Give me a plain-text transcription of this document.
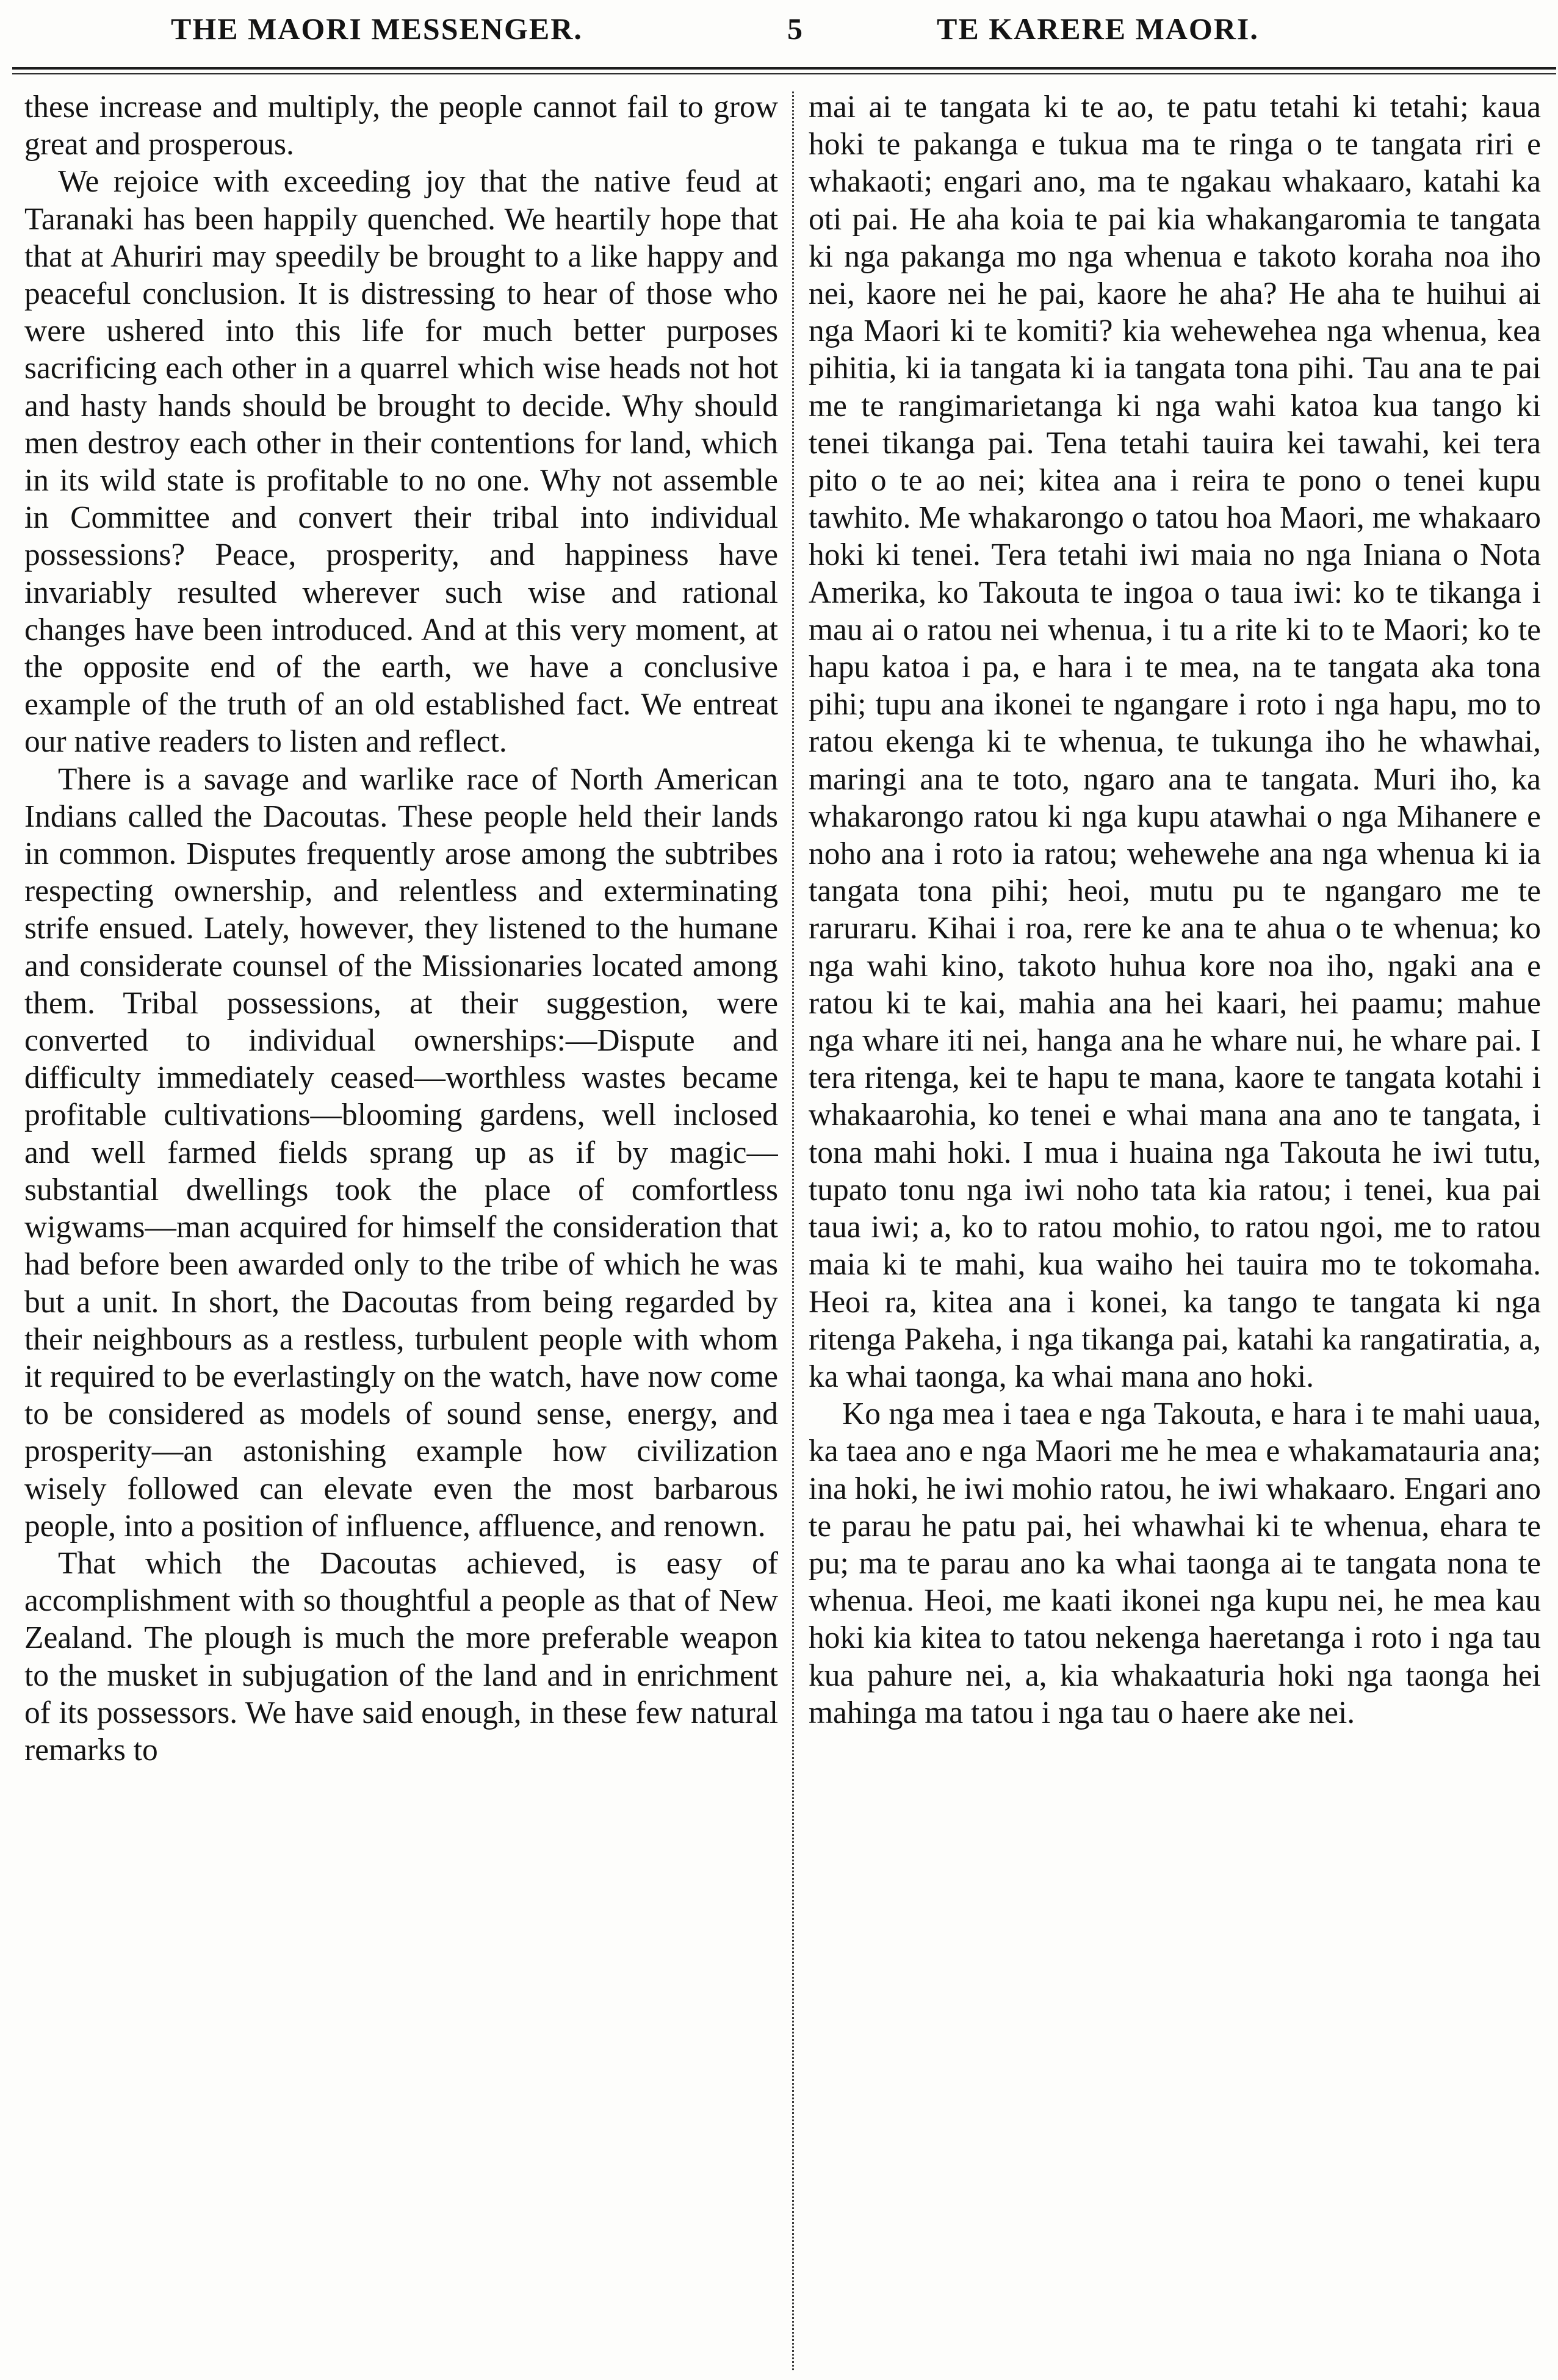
THE MAORI MESSENGER.	5	TE KARERE MAORI.

these increase and multiply, the people cannot fail to grow great and prosperous.

We rejoice with exceeding joy that the native feud at Taranaki has been happily quenched. We heartily hope that that at Ahuriri may speedily be brought to a like happy and peaceful conclusion. It is distressing to hear of those who were ushered into this life for much better purposes sacrificing each other in a quarrel which wise heads not hot and hasty hands should be brought to decide. Why should men destroy each other in their contentions for land, which in its wild state is profitable to no one. Why not assemble in Committee and convert their tribal into individual possessions? Peace, prosperity, and happiness have invariably resulted wherever such wise and rational changes have been introduced. And at this very moment, at the opposite end of the earth, we have a conclusive example of the truth of an old established fact. We entreat our native readers to listen and reflect.

There is a savage and warlike race of North American Indians called the Dacoutas. These people held their lands in common. Disputes frequently arose among the subtribes respecting ownership, and relentless and exterminating strife ensued. Lately, however, they listened to the humane and considerate counsel of the Missionaries located among them. Tribal possessions, at their suggestion, were converted to individual ownerships:—Dispute and difficulty immediately ceased—worthless wastes became profitable cultivations—blooming gardens, well inclosed and well farmed fields sprang up as if by magic—substantial dwellings took the place of comfortless wigwams—man acquired for himself the consideration that had before been awarded only to the tribe of which he was but a unit. In short, the Dacoutas from being regarded by their neighbours as a restless, turbulent people with whom it required to be everlastingly on the watch, have now come to be considered as models of sound sense, energy, and prosperity—an astonishing example how civilization wisely followed can elevate even the most barbarous people, into a position of influence, affluence, and renown.

That which the Dacoutas achieved, is easy of accomplishment with so thoughtful a people as that of New Zealand. The plough is much the more preferable weapon to the musket in subjugation of the land and in enrichment of its possessors. We have said enough, in these few natural remarks to

mai ai te tangata ki te ao, te patu tetahi ki tetahi; kaua hoki te pakanga e tukua ma te ringa o te tangata riri e whakaoti; engari ano, ma te ngakau whakaaro, katahi ka oti pai. He aha koia te pai kia whakangaromia te tangata ki nga pakanga mo nga whenua e takoto koraha noa iho nei, kaore nei he pai, kaore he aha? He aha te huihui ai nga Maori ki te komiti? kia wehewehea nga whenua, kea pihitia, ki ia tangata ki ia tangata tona pihi. Tau ana te pai me te rangimarietanga ki nga wahi katoa kua tango ki tenei tikanga pai. Tena tetahi tauira kei tawahi, kei tera pito o te ao nei; kitea ana i reira te pono o tenei kupu tawhito. Me whakarongo o tatou hoa Maori, me whakaaro hoki ki tenei. Tera tetahi iwi maia no nga Iniana o Nota Amerika, ko Takouta te ingoa o taua iwi: ko te tikanga i mau ai o ratou nei whenua, i tu a rite ki to te Maori; ko te hapu katoa i pa, e hara i te mea, na te tangata aka tona pihi; tupu ana ikonei te ngangare i roto i nga hapu, mo to ratou ekenga ki te whenua, te tukunga iho he whawhai, maringi ana te toto, ngaro ana te tangata. Muri iho, ka whakarongo ratou ki nga kupu atawhai o nga Mihanere e noho ana i roto ia ratou; wehewehe ana nga whenua ki ia tangata tona pihi; heoi, mutu pu te ngangaro me te raruraru. Kihai i roa, rere ke ana te ahua o te whenua; ko nga wahi kino, takoto huhua kore noa iho, ngaki ana e ratou ki te kai, mahia ana hei kaari, hei paamu; mahue nga whare iti nei, hanga ana he whare nui, he whare pai. I tera ritenga, kei te hapu te mana, kaore te tangata kotahi i whakaarohia, ko tenei e whai mana ana ano te tangata, i tona mahi hoki. I mua i huaina nga Takouta he iwi tutu, tupato tonu nga iwi noho tata kia ratou; i tenei, kua pai taua iwi; a, ko to ratou mohio, to ratou ngoi, me to ratou maia ki te mahi, kua waiho hei tauira mo te tokomaha. Heoi ra, kitea ana i konei, ka tango te tangata ki nga ritenga Pakeha, i nga tikanga pai, katahi ka rangatiratia, a, ka whai taonga, ka whai mana ano hoki.

Ko nga mea i taea e nga Takouta, e hara i te mahi uaua, ka taea ano e nga Maori me he mea e whakamatauria ana; ina hoki, he iwi mohio ratou, he iwi whakaaro. Engari ano te parau he patu pai, hei whawhai ki te whenua, ehara te pu; ma te parau ano ka whai taonga ai te tangata nona te whenua. Heoi, me kaati ikonei nga kupu nei, he mea kau hoki kia kitea to tatou nekenga haeretanga i roto i nga tau kua pahure nei, a, kia whakaaturia hoki nga taonga hei mahinga ma tatou i nga tau o haere ake nei.
